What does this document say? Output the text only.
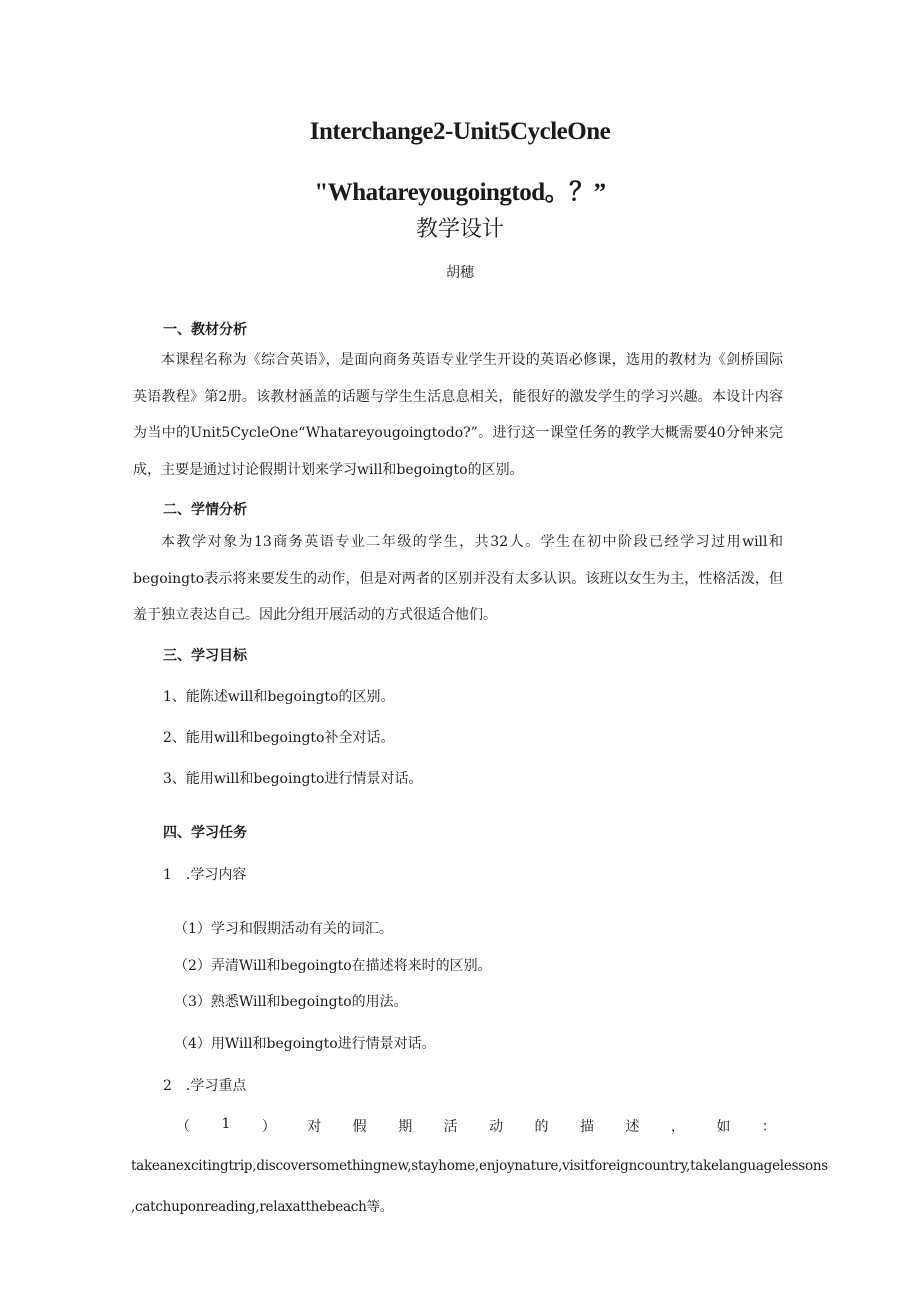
Interchange2-Unit5CycleOne
"Whatareyougoingtod。？”
教学设计
胡穗
一、教材分析

本课程名称为《综合英语》，是面向商务英语专业学生开设的英语必修课，选用的教材为《剑桥国际英语教程》第2册。该教材涵盖的话题与学生生活息息相关，能很好的激发学生的学习兴趣。本设计内容为当中的Unit5CycleOne“Whatareyougoingtodo?”。进行这一课堂任务的教学大概需要40分钟来完成，主要是通过讨论假期计划来学习will和begoingto的区别。

二、学情分析

本教学对象为13商务英语专业二年级的学生，共32人。学生在初中阶段已经学习过用will和begoingto表示将来要发生的动作，但是对两者的区别并没有太多认识。该班以女生为主，性格活泼，但羞于独立表达自己。因此分组开展活动的方式很适合他们。

三、学习目标

1、能陈述will和begoingto的区别。

2、能用will和begoingto补全对话。

3、能用will和begoingto进行情景对话。

四、学习任务

1　.学习内容

（1）学习和假期活动有关的词汇。

（2）弄清Will和begoingto在描述将来时的区别。

（3）熟悉Will和begoingto的用法。

（4）用Will和begoingto进行情景对话。

2　.学习重点

（ 1 ） 对 假 期 活 动 的 描 述 ， 如 ：

takeanexcitingtrip,discoversomethingnew,stayhome,enjoynature,visitforeigncountry,takelanguagelessons

,catchuponreading,relaxatthebeach等。
